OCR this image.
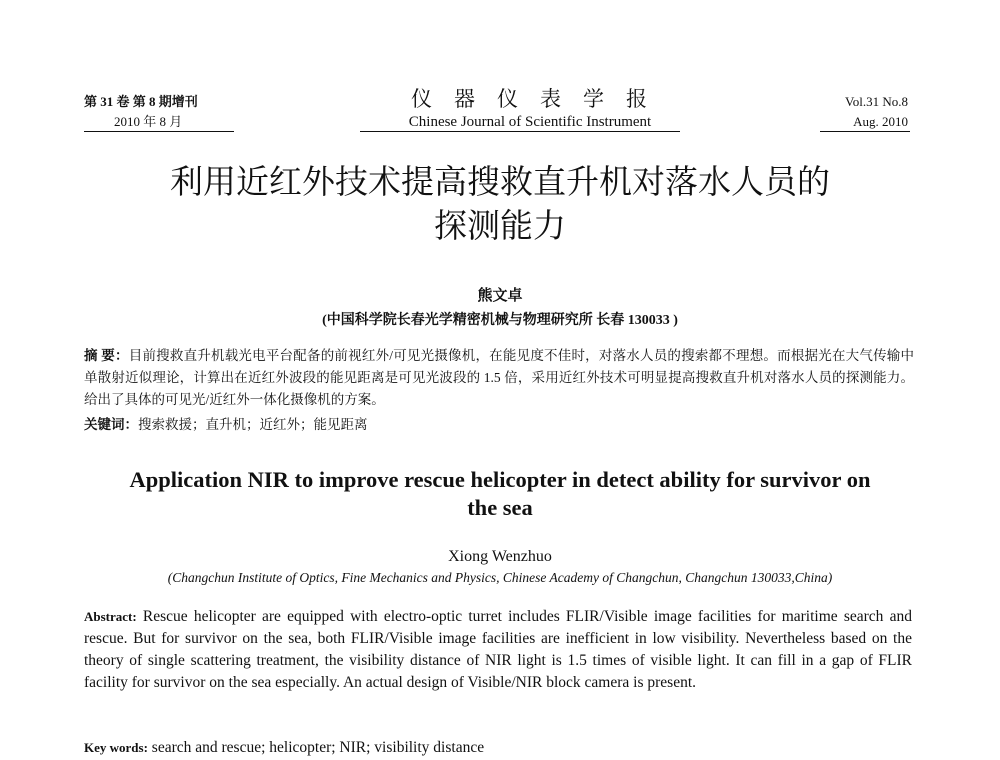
第 31 卷 第 8 期增刊
2010 年 8 月
仪器仪表学报
Chinese Journal of Scientific Instrument
Vol.31 No.8
Aug. 2010
利用近红外技术提高搜救直升机对落水人员的
探测能力
熊文卓
(中国科学院长春光学精密机械与物理研究所 长春 130033 )
摘 要：目前搜救直升机载光电平台配备的前视红外/可见光摄像机，在能见度不佳时，对落水人员的搜索都不理想。而根据光在大气传输中单散射近似理论，计算出在近红外波段的能见距离是可见光波段的 1.5 倍，采用近红外技术可明显提高搜救直升机对落水人员的探测能力。给出了具体的可见光/近红外一体化摄像机的方案。
关键词：搜索救援；直升机；近红外；能见距离
Application NIR to improve rescue helicopter in detect ability for survivor on
the sea
Xiong Wenzhuo
(Changchun Institute of Optics, Fine Mechanics and Physics, Chinese Academy of Changchun, Changchun 130033,China)
Abstract: Rescue helicopter are equipped with electro-optic turret includes FLIR/Visible image facilities for maritime search and rescue. But for survivor on the sea, both FLIR/Visible image facilities are inefficient in low visibility. Nevertheless based on the theory of single scattering treatment, the visibility distance of NIR light is 1.5 times of visible light. It can fill in a gap of FLIR facility for survivor on the sea especially. An actual design of Visible/NIR block camera is present.
Key words: search and rescue; helicopter; NIR; visibility distance
